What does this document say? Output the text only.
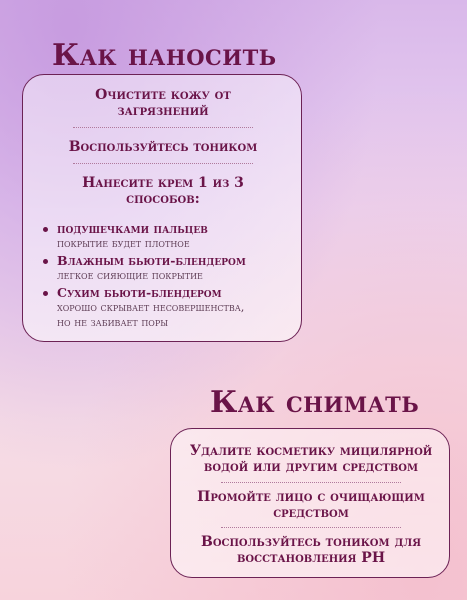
Как наносить
Очистите кожу от
загрязнений
Воспользуйтесь тоником
Нанесите крем 1 из 3
способов:
подушечками пальцев
покрытие будет плотное
Влажным бьюти-блендером
легкое сияющие покрытие
Сухим бьюти-блендером
хорошо скрывает несовершенства,
но не забивает поры
Как снимать
Удалите косметику мицилярной
водой или другим средством
Промойте лицо с очищающим
средством
Воспользуйтесь тоником для
восстановления PH
